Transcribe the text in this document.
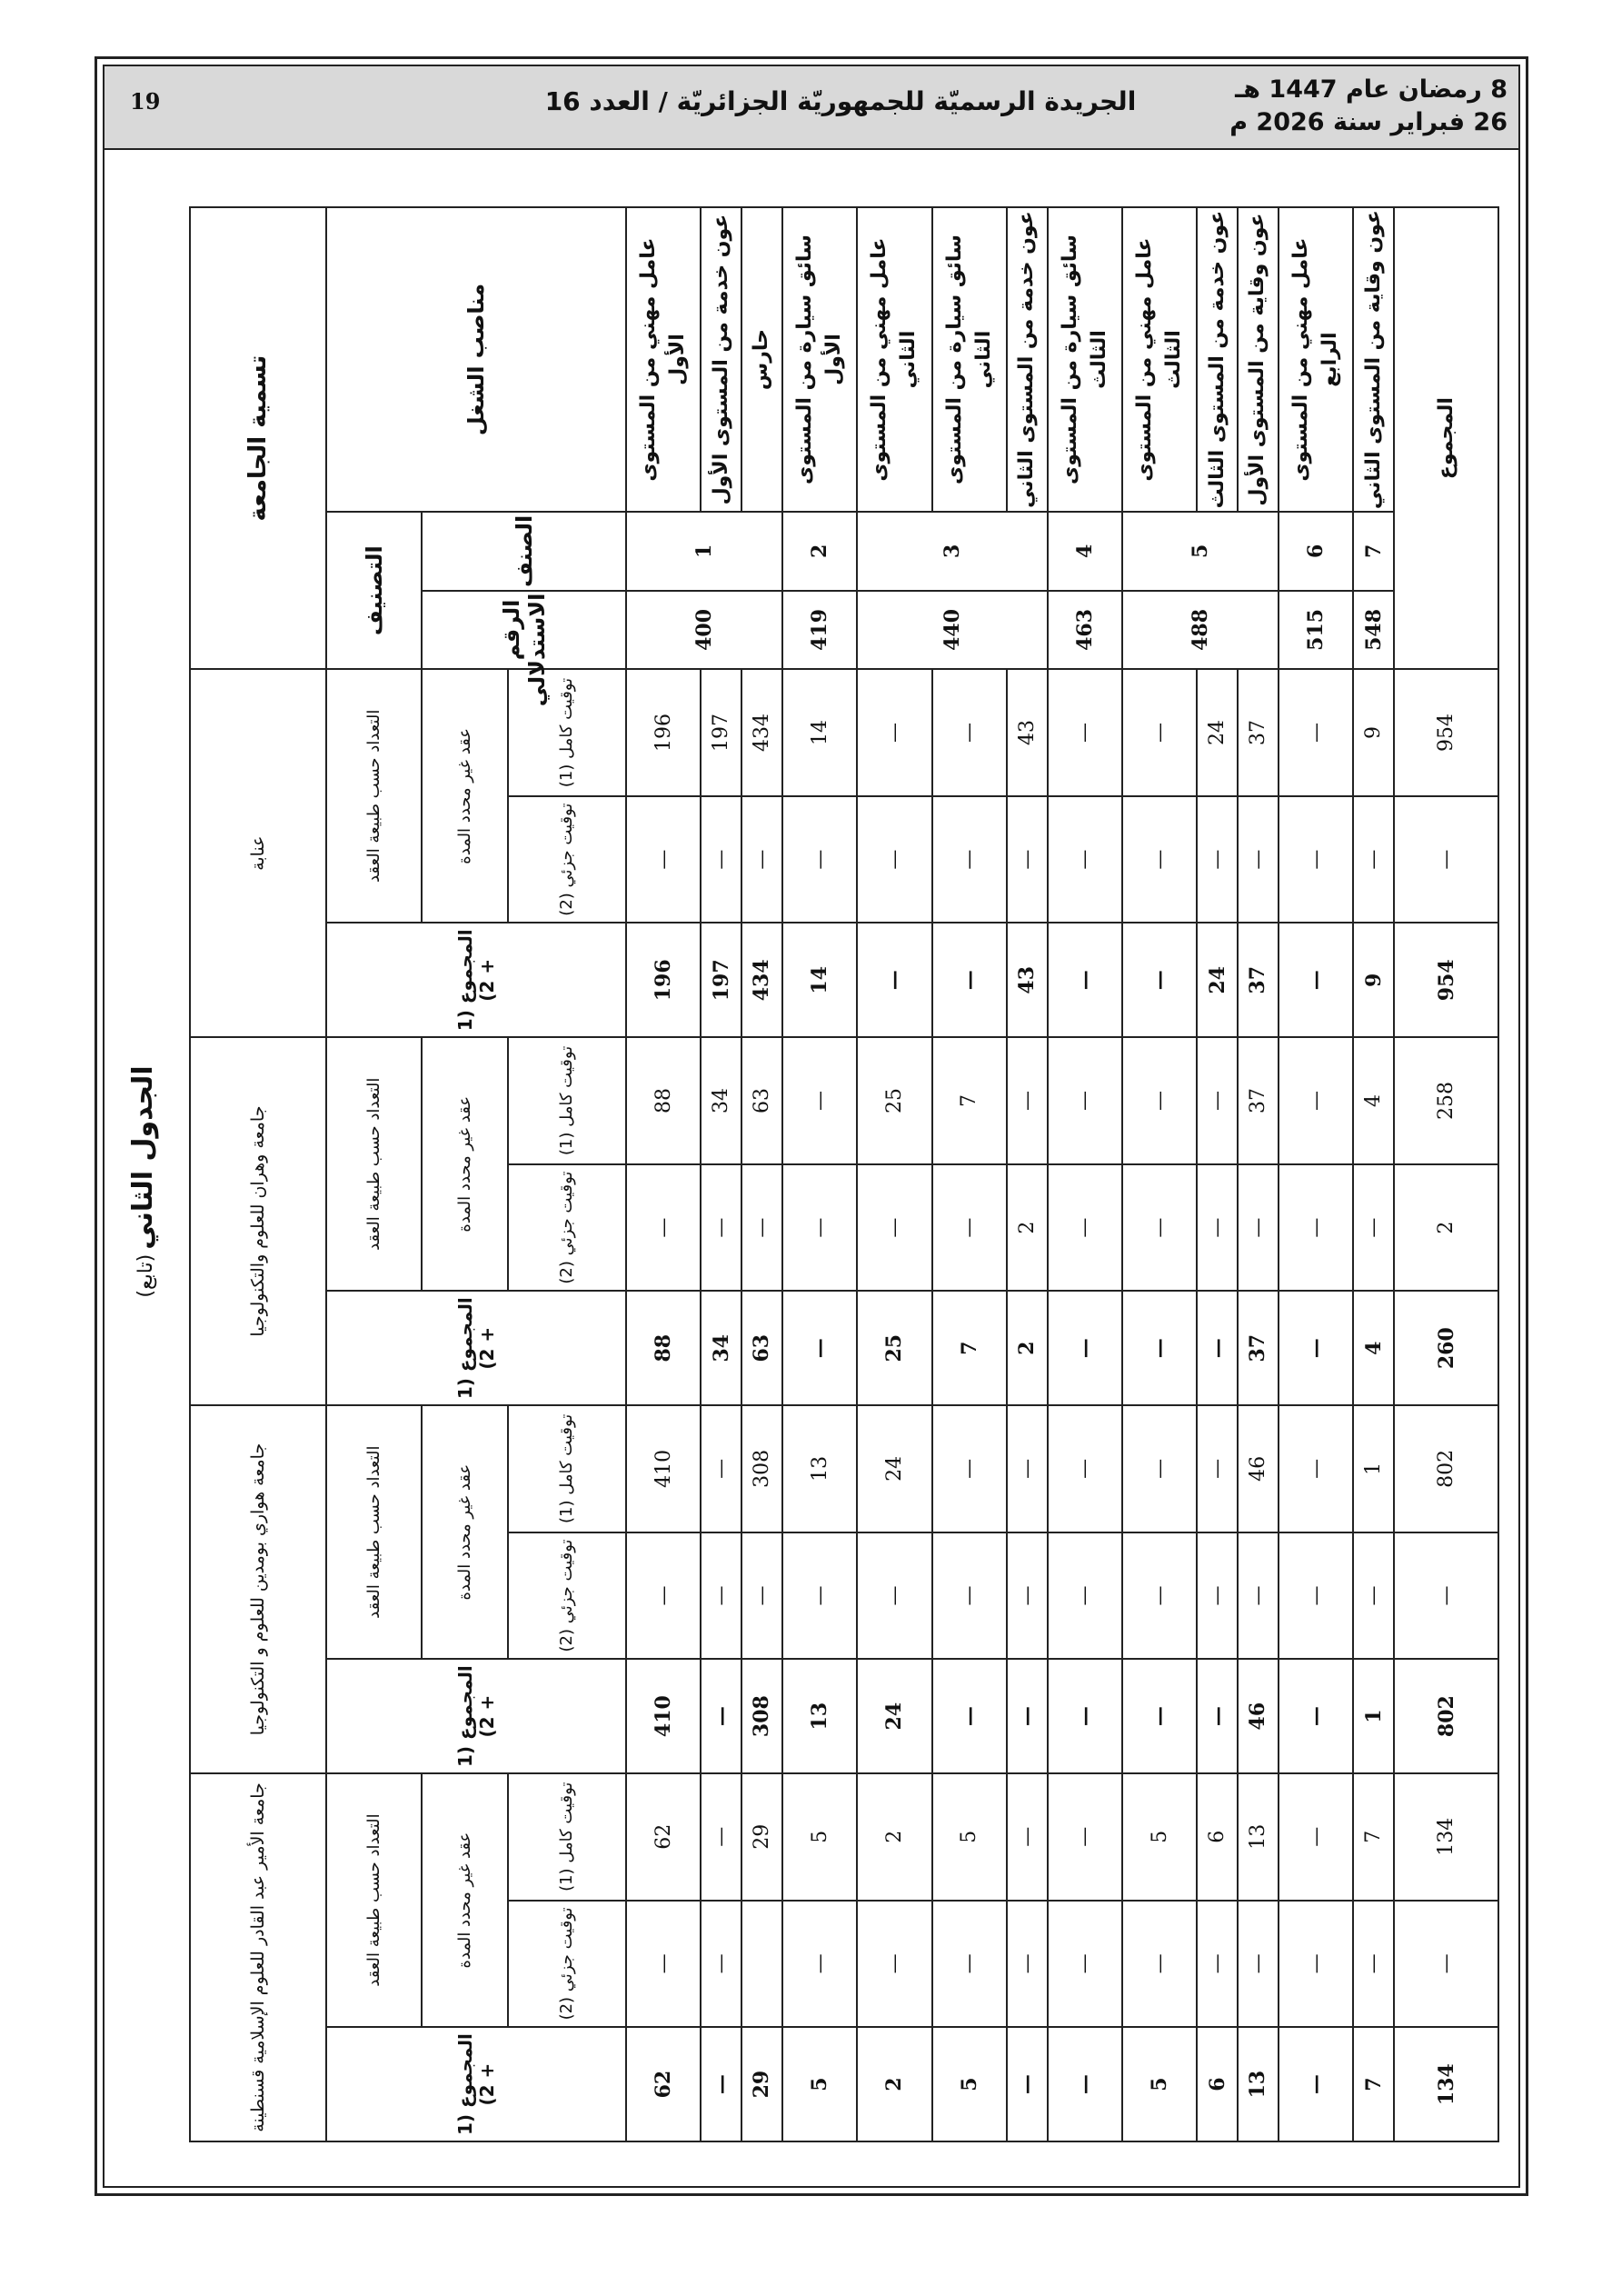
19	الجريدة الرسميّة للجمهوريّة الجزائريّة / العدد 16	8 رمضان عام 1447 هـ
26 فبراير سنة 2026 م
الجدول الثاني (تابع)
تسمية الجامعة			عنابة			جامعة وهران للعلوم والتكنولوجيا			جامعة هواري بومدين للعلوم و التكنولوجيا			جامعة الأمير عبد القادر للعلوم الإسلامية قسنطينة		
مناصب الشغل	التصنيف		التعداد حسب طبيعة العقد		المجموع (1 + 2)	التعداد حسب طبيعة العقد		المجموع (1 + 2)	التعداد حسب طبيعة العقد		المجموع (1 + 2)	التعداد حسب طبيعة العقد		المجموع (1 + 2)
	الصنف	الرقم الاستدلالي	عقد غير محدد المدة			عقد غير محدد المدة			عقد غير محدد المدة			عقد غير محدد المدة		
			توقيت كامل (1)	توقيت جزئي (2)		توقيت كامل (1)	توقيت جزئي (2)		توقيت كامل (1)	توقيت جزئي (2)		توقيت كامل (1)	توقيت جزئي (2)	
عامل مهني من المستوى الأول	1	400	196	—	196	88	—	88	410	—	410	62	—	62
عون خدمة من المستوى الأول			197	—	197	34	—	34	—	—	—	—	—	—
حارس			434	—	434	63	—	63	308	—	308	29		29
سائق سيارة من المستوى الأول	2	419	14	—	14	—	—	—	13	—	13	5	—	5
عامل مهني من المستوى الثاني	3	440	—	—	—	25	—	25	24	—	24	2	—	2
سائق سيارة من المستوى الثاني			—	—	—	7	—	7	—	—	—	5	—	5
عون خدمة من المستوى الثاني			43	—	43	—	2	2	—	—	—	—	—	—
سائق سيارة من المستوى الثالث	4	463	—	—	—	—	—	—	—	—	—	—	—	—
عامل مهني من المستوى الثالث	5	488	—	—	—	—	—	—	—	—	—	5	—	5
عون خدمة من المستوى الثالث			24	—	24	—	—	—	—	—	—	6	—	6
عون وقاية من المستوى الأول			37	—	37	37	—	37	46	—	46	13	—	13
عامل مهني من المستوى الرابع	6	515	—	—	—	—	—	—	—	—	—	—	—	—
عون وقاية من المستوى الثاني	7	548	9	—	9	4	—	4	1	—	1	7	—	7
المجموع			954	—	954	258	2	260	802	—	802	134	—	134
